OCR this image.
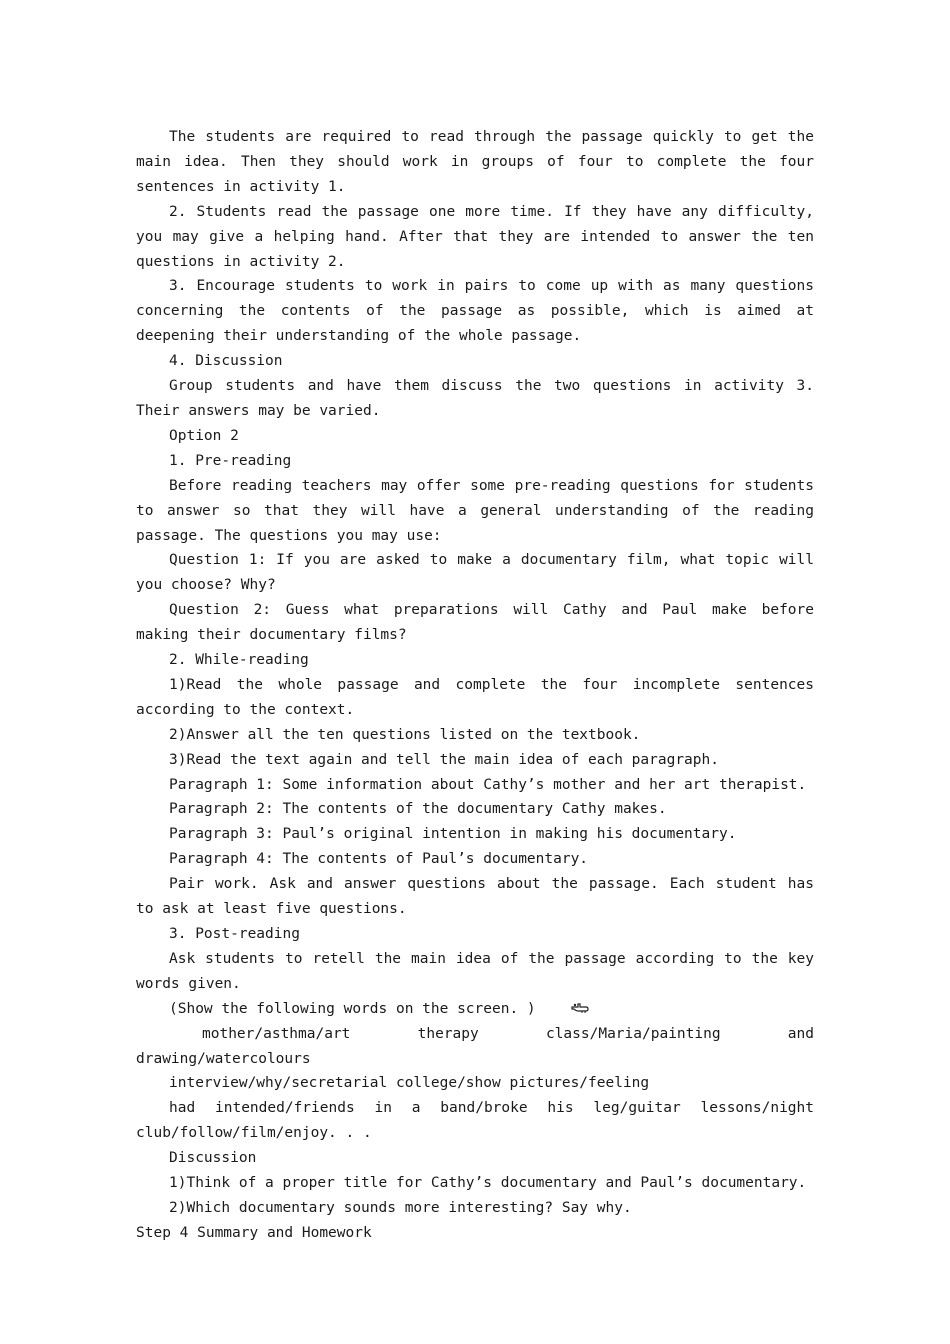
The students are required to read through the passage quickly to get the main idea. Then they should work in groups of four to complete the four sentences in activity 1.

2. Students read the passage one more time. If they have any difficulty, you may give a helping hand. After that they are intended to answer the ten questions in activity 2.

3. Encourage students to work in pairs to come up with as many questions concerning the contents of the passage as possible, which is aimed at deepening their understanding of the whole passage.

4. Discussion

Group students and have them discuss the two questions in activity 3. Their answers may be varied.

Option 2

1. Pre-reading

Before reading teachers may offer some pre-reading questions for students to answer so that they will have a general understanding of the reading passage. The questions you may use:

Question 1: If you are asked to make a documentary film, what topic will you choose? Why?

Question 2: Guess what preparations will Cathy and Paul make before making their documentary films?

2. While-reading

1)Read the whole passage and complete the four incomplete sentences according to the context.

2)Answer all the ten questions listed on the textbook.

3)Read the text again and tell the main idea of each paragraph.

Paragraph 1: Some information about Cathy’s mother and her art therapist.

Paragraph 2: The contents of the documentary Cathy makes.

Paragraph 3: Paul’s original intention in making his documentary.

Paragraph 4: The contents of Paul’s documentary.

Pair work. Ask and answer questions about the passage. Each student has to ask at least five questions.

3. Post-reading

Ask students to retell the main idea of the passage according to the key words given.

(Show the following words on the screen. )

mother/asthma/art therapy class/Maria/painting and drawing/watercolours

interview/why/secretarial college/show pictures/feeling

had intended/friends in a band/broke his leg/guitar lessons/night club/follow/film/enjoy. . .

Discussion

1)Think of a proper title for Cathy’s documentary and Paul’s documentary.

2)Which documentary sounds more interesting? Say why.

Step 4 Summary and Homework
